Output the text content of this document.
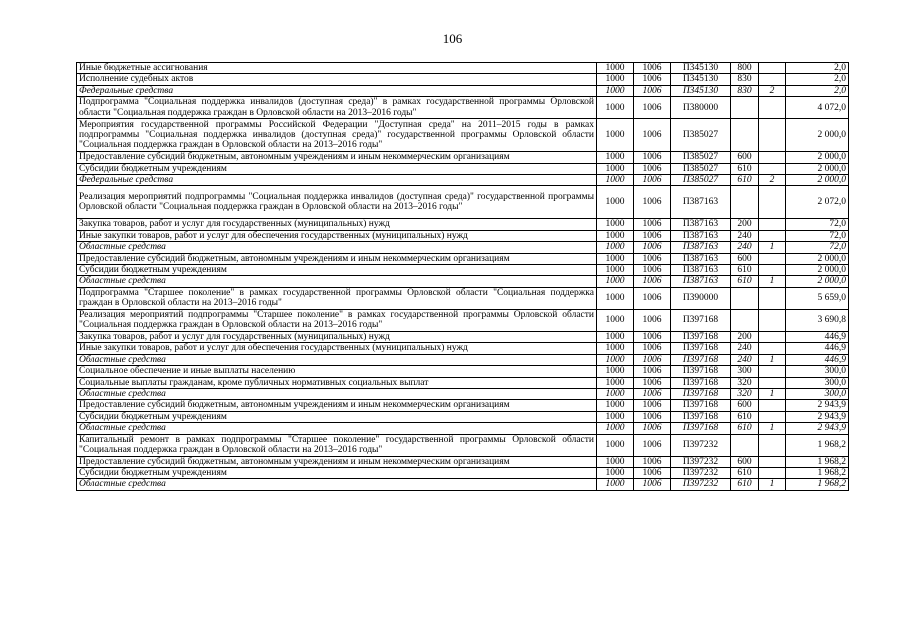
106
Иные бюджетные ассигнования	1000	1006	П345130	800		2,0
Исполнение судебных актов	1000	1006	П345130	830		2,0
Федеральные средства	1000	1006	П345130	830	2	2,0
Подпрограмма "Социальная поддержка инвалидов (доступная среда)" в рамках государственной программы Орловской области "Социальная поддержка граждан в Орловской области на 2013–2016 годы"	1000	1006	П380000			4 072,0
Мероприятия государственной программы Российской Федерации "Доступная среда" на 2011–2015 годы в рамках подпрограммы "Социальная поддержка инвалидов (доступная среда)" государственной программы Орловской области "Социальная поддержка граждан в Орловской области на 2013–2016 годы"	1000	1006	П385027			2 000,0
Предоставление субсидий бюджетным, автономным учреждениям и иным некоммерческим организациям	1000	1006	П385027	600		2 000,0
Субсидии бюджетным учреждениям	1000	1006	П385027	610		2 000,0
Федеральные средства	1000	1006	П385027	610	2	2 000,0
Реализация мероприятий подпрограммы "Социальная поддержка инвалидов (доступная среда)" государственной программы Орловской области "Социальная поддержка граждан в Орловской области на 2013–2016 годы"	1000	1006	П387163			2 072,0
Закупка товаров, работ и услуг для государственных (муниципальных) нужд	1000	1006	П387163	200		72,0
Иные закупки товаров, работ и услуг для обеспечения государственных (муниципальных) нужд	1000	1006	П387163	240		72,0
Областные средства	1000	1006	П387163	240	1	72,0
Предоставление субсидий бюджетным, автономным учреждениям и иным некоммерческим организациям	1000	1006	П387163	600		2 000,0
Субсидии бюджетным учреждениям	1000	1006	П387163	610		2 000,0
Областные средства	1000	1006	П387163	610	1	2 000,0
Подпрограмма "Старшее поколение" в рамках государственной программы Орловской области "Социальная поддержка граждан в Орловской области на 2013–2016 годы"	1000	1006	П390000			5 659,0
Реализация мероприятий подпрограммы "Старшее поколение" в рамках государственной программы Орловской области "Социальная поддержка граждан в Орловской области на 2013–2016 годы"	1000	1006	П397168			3 690,8
Закупка товаров, работ и услуг для государственных (муниципальных) нужд	1000	1006	П397168	200		446,9
Иные закупки товаров, работ и услуг для обеспечения государственных (муниципальных) нужд	1000	1006	П397168	240		446,9
Областные средства	1000	1006	П397168	240	1	446,9
Социальное обеспечение и иные выплаты населению	1000	1006	П397168	300		300,0
Социальные выплаты гражданам, кроме публичных нормативных социальных выплат	1000	1006	П397168	320		300,0
Областные средства	1000	1006	П397168	320	1	300,0
Предоставление субсидий бюджетным, автономным учреждениям и иным некоммерческим организациям	1000	1006	П397168	600		2 943,9
Субсидии бюджетным учреждениям	1000	1006	П397168	610		2 943,9
Областные средства	1000	1006	П397168	610	1	2 943,9
Капитальный ремонт в рамках подпрограммы "Старшее поколение" государственной программы Орловской области "Социальная поддержка граждан в Орловской области на 2013–2016 годы"	1000	1006	П397232			1 968,2
Предоставление субсидий бюджетным, автономным учреждениям и иным некоммерческим организациям	1000	1006	П397232	600		1 968,2
Субсидии бюджетным учреждениям	1000	1006	П397232	610		1 968,2
Областные средства	1000	1006	П397232	610	1	1 968,2
